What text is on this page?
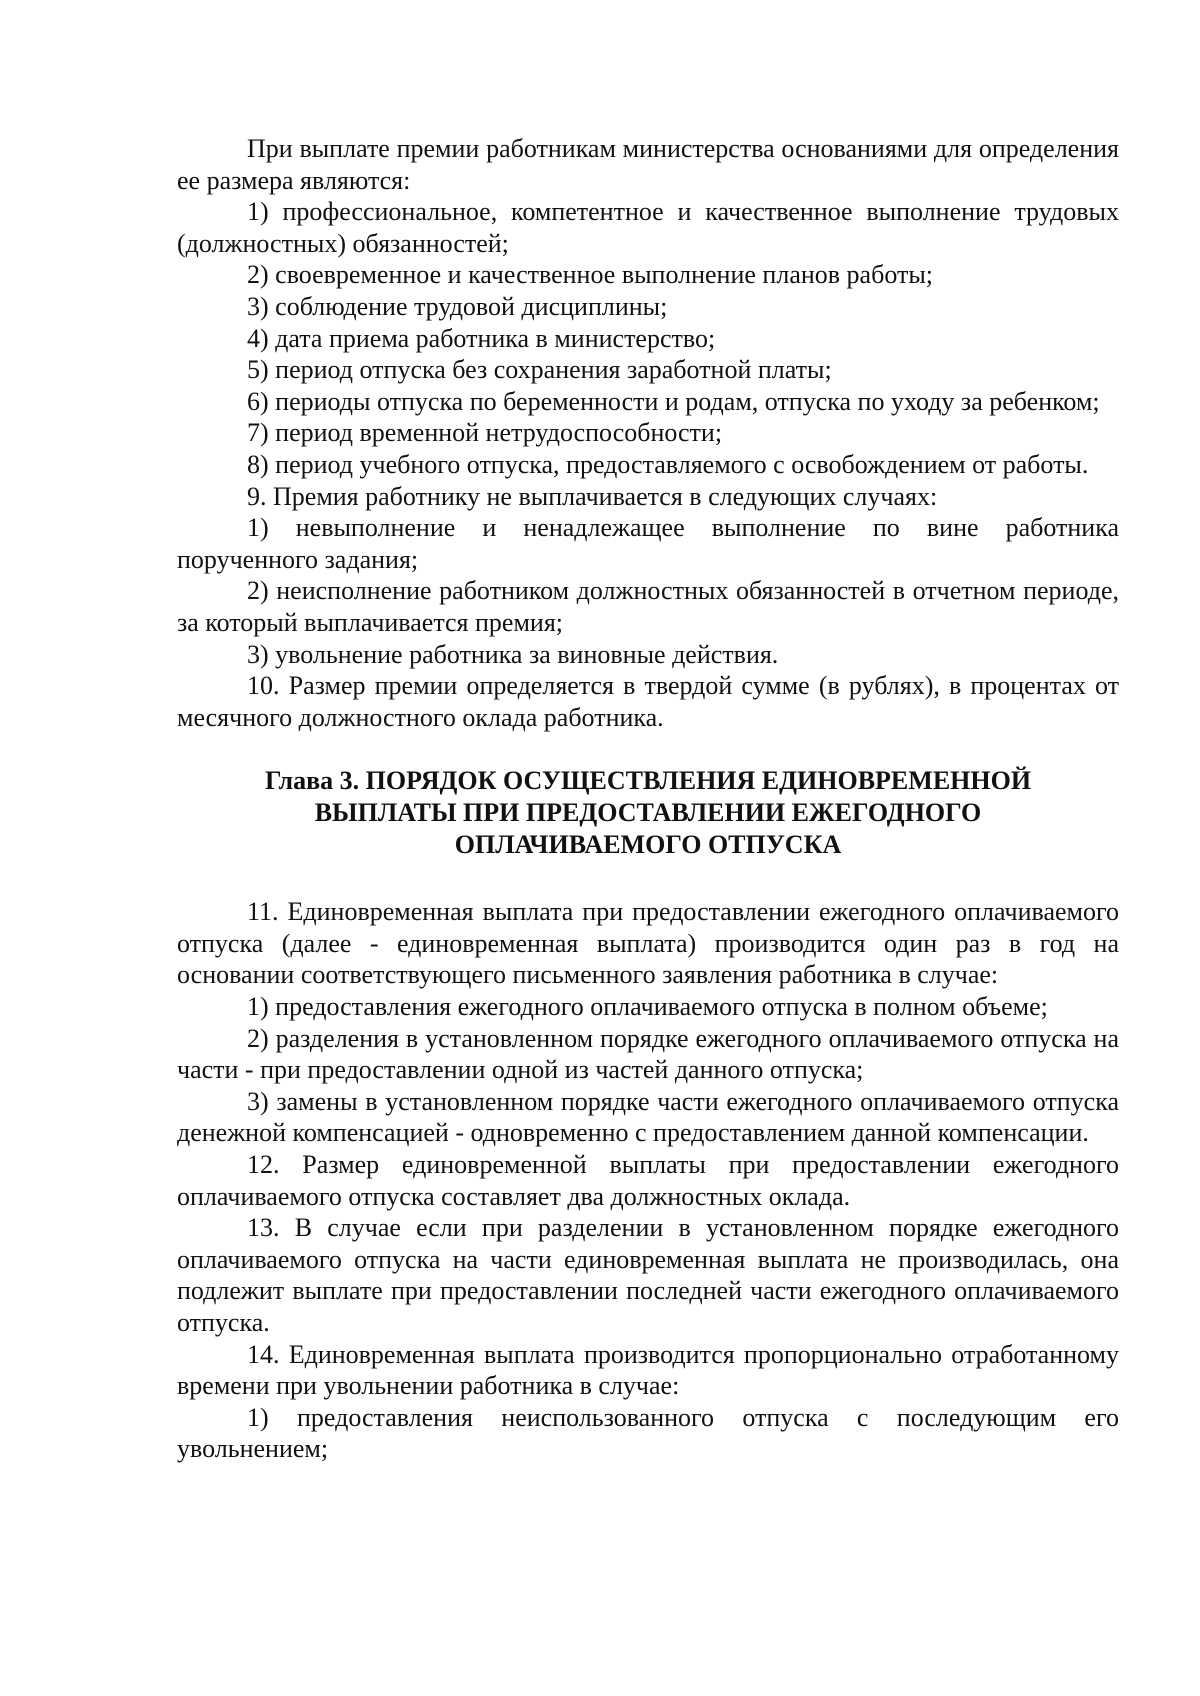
При выплате премии работникам министерства основаниями для определения ее размера являются:

1) профессиональное, компетентное и качественное выполнение трудовых (должностных) обязанностей;

2) своевременное и качественное выполнение планов работы;

3) соблюдение трудовой дисциплины;

4) дата приема работника в министерство;

5) период отпуска без сохранения заработной платы;

6) периоды отпуска по беременности и родам, отпуска по уходу за ребенком;

7) период временной нетрудоспособности;

8) период учебного отпуска, предоставляемого с освобождением от работы.

9. Премия работнику не выплачивается в следующих случаях:

1) невыполнение и ненадлежащее выполнение по вине работника порученного задания;

2) неисполнение работником должностных обязанностей в отчетном периоде, за который выплачивается премия;

3) увольнение работника за виновные действия.

10. Размер премии определяется в твердой сумме (в рублях), в процентах от месячного должностного оклада работника.

Глава 3. ПОРЯДОК ОСУЩЕСТВЛЕНИЯ ЕДИНОВРЕМЕННОЙ
ВЫПЛАТЫ ПРИ ПРЕДОСТАВЛЕНИИ ЕЖЕГОДНОГО
ОПЛАЧИВАЕМОГО ОТПУСКА

11. Единовременная выплата при предоставлении ежегодного оплачиваемого отпуска (далее - единовременная выплата) производится один раз в год на основании соответствующего письменного заявления работника в случае:

1) предоставления ежегодного оплачиваемого отпуска в полном объеме;

2) разделения в установленном порядке ежегодного оплачиваемого отпуска на части - при предоставлении одной из частей данного отпуска;

3) замены в установленном порядке части ежегодного оплачиваемого отпуска денежной компенсацией - одновременно с предоставлением данной компенсации.

12. Размер единовременной выплаты при предоставлении ежегодного оплачиваемого отпуска составляет два должностных оклада.

13. В случае если при разделении в установленном порядке ежегодного оплачиваемого отпуска на части единовременная выплата не производилась, она подлежит выплате при предоставлении последней части ежегодного оплачиваемого отпуска.

14. Единовременная выплата производится пропорционально отработанному времени при увольнении работника в случае:

1) предоставления неиспользованного отпуска с последующим его увольнением;
